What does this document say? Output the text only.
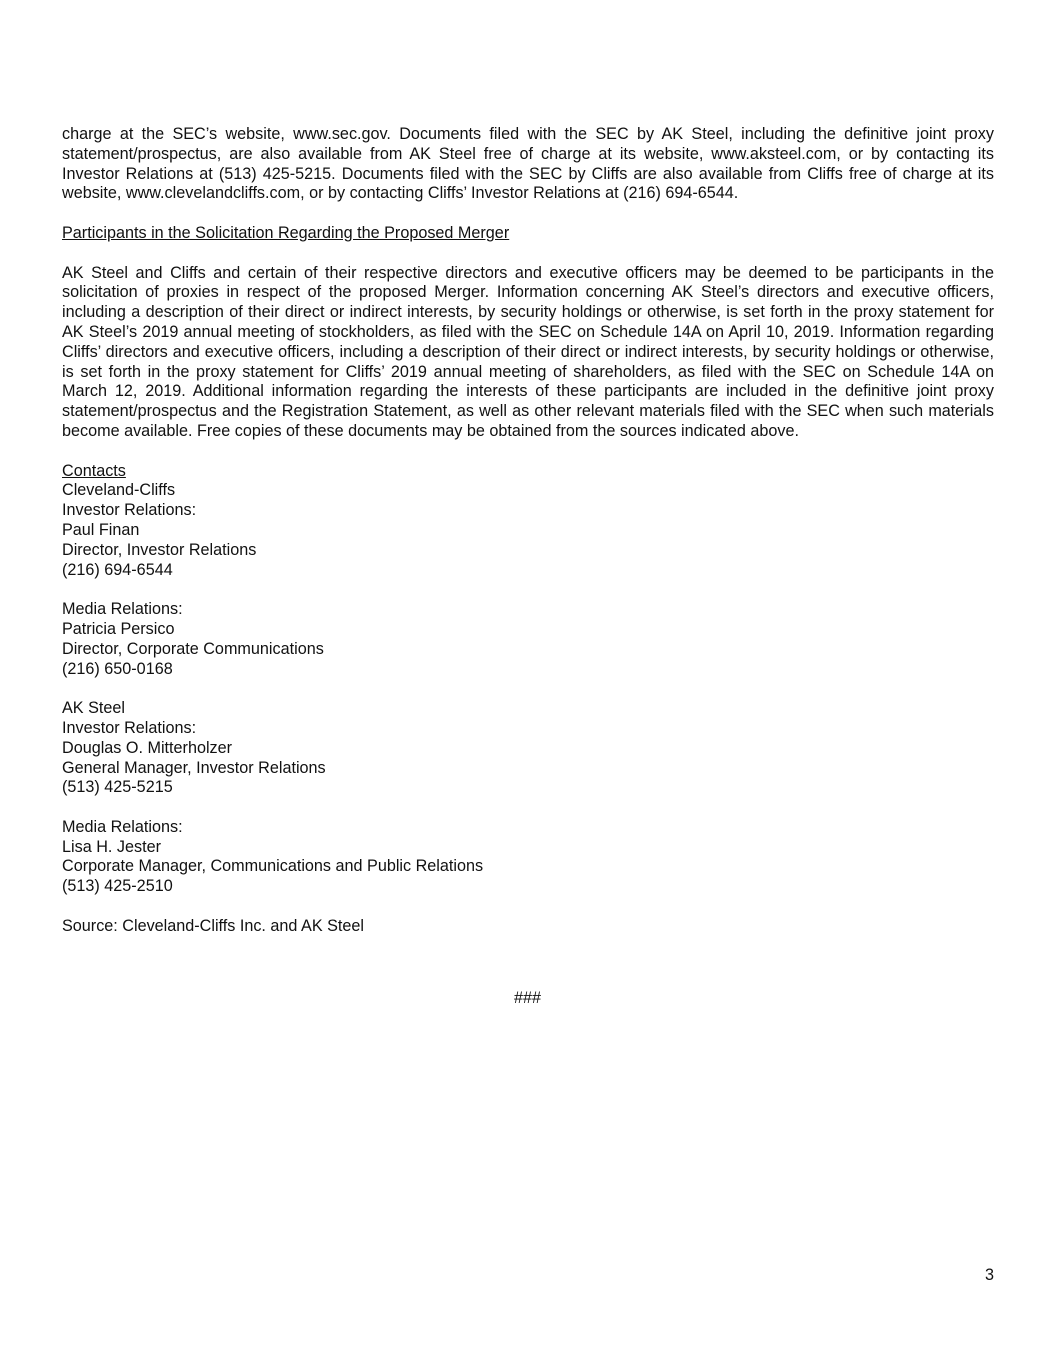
charge at the SEC’s website, www.sec.gov. Documents filed with the SEC by AK Steel, including the definitive joint proxy statement/prospectus, are also available from AK Steel free of charge at its website, www.aksteel.com, or by contacting its Investor Relations at (513) 425-5215. Documents filed with the SEC by Cliffs are also available from Cliffs free of charge at its website, www.clevelandcliffs.com, or by contacting Cliffs’ Investor Relations at (216) 694-6544.

Participants in the Solicitation Regarding the Proposed Merger

AK Steel and Cliffs and certain of their respective directors and executive officers may be deemed to be participants in the solicitation of proxies in respect of the proposed Merger. Information concerning AK Steel’s directors and executive officers, including a description of their direct or indirect interests, by security holdings or otherwise, is set forth in the proxy statement for AK Steel’s 2019 annual meeting of stockholders, as filed with the SEC on Schedule 14A on April 10, 2019. Information regarding Cliffs’ directors and executive officers, including a description of their direct or indirect interests, by security holdings or otherwise, is set forth in the proxy statement for Cliffs’ 2019 annual meeting of shareholders, as filed with the SEC on Schedule 14A on March 12, 2019. Additional information regarding the interests of these participants are included in the definitive joint proxy statement/prospectus and the Registration Statement, as well as other relevant materials filed with the SEC when such materials become available. Free copies of these documents may be obtained from the sources indicated above.

Contacts
Cleveland-Cliffs
Investor Relations:
Paul Finan
Director, Investor Relations
(216) 694-6544
Media Relations:
Patricia Persico
Director, Corporate Communications
(216) 650-0168
AK Steel
Investor Relations:
Douglas O. Mitterholzer
General Manager, Investor Relations
(513) 425-5215
Media Relations:
Lisa H. Jester
Corporate Manager, Communications and Public Relations
(513) 425-2510
Source: Cleveland-Cliffs Inc. and AK Steel
###
3
